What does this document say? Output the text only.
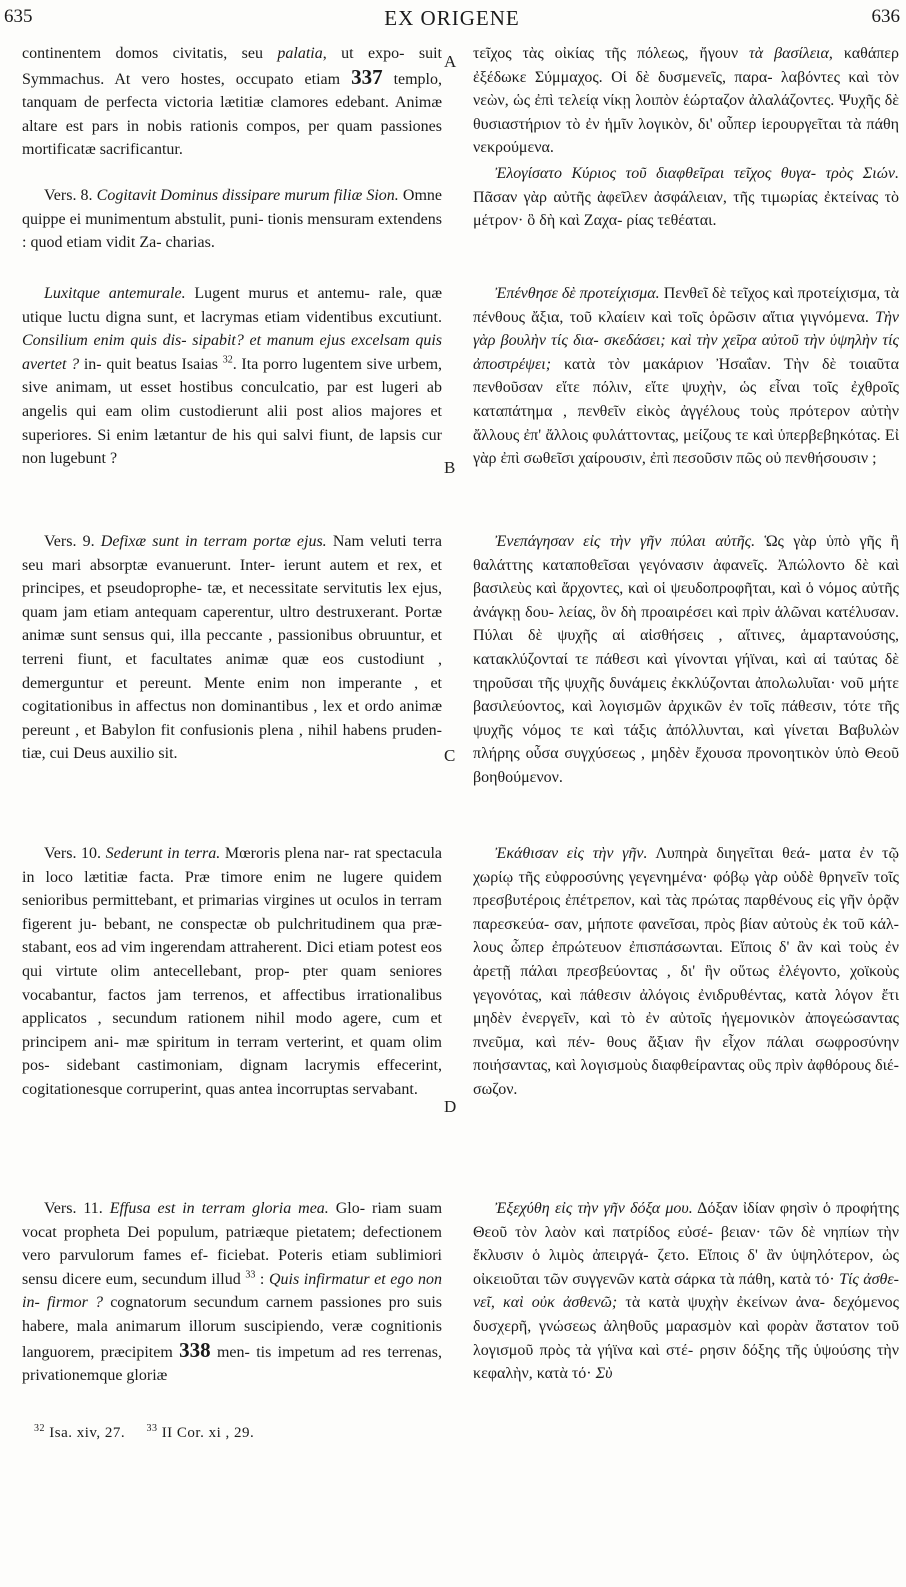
635	EX ORIGENE	636
A
B
C
D

continentem domos civitatis, seu palatia, ut expo- suit Symmachus. At vero hostes, occupato etiam 337 templo, tanquam de perfecta victoria lætitiæ clamores edebant. Animæ altare est pars in nobis rationis compos, per quam passiones mortificatæ sacrificantur.

Vers. 8. Cogitavit Dominus dissipare murum filiæ Sion. Omne quippe ei munimentum abstulit, puni- tionis mensuram extendens : quod etiam vidit Za- charias.

Luxitque antemurale. Lugent murus et antemu- rale, quæ utique luctu digna sunt, et lacrymas etiam videntibus excutiunt. Consilium enim quis dis- sipabit? et manum ejus excelsam quis avertet ? in- quit beatus Isaias $^{32}$. Ita porro lugentem sive urbem, sive animam, ut esset hostibus conculcatio, par est lugeri ab angelis qui eam olim custodierunt alii post alios majores et superiores. Si enim lætantur de his qui salvi fiunt, de lapsis cur non lugebunt ?

Vers. 9. Defixæ sunt in terram portæ ejus. Nam veluti terra seu mari absorptæ evanuerunt. Inter- ierunt autem et rex, et principes, et pseudoprophe- tæ, et necessitate servitutis lex ejus, quam jam etiam antequam caperentur, ultro destruxerant. Portæ animæ sunt sensus qui, illa peccante , passionibus obruuntur, et terreni fiunt, et facultates animæ quæ eos custodiunt , demerguntur et pereunt. Mente enim non imperante , et cogitationibus in affectus non dominantibus , lex et ordo animæ pereunt , et Babylon fit confusionis plena , nihil habens pruden- tiæ, cui Deus auxilio sit.

Vers. 10. Sederunt in terra. Mœroris plena nar- rat spectacula in loco lætitiæ facta. Præ timore enim ne lugere quidem senioribus permittebant, et primarias virgines ut oculos in terram figerent ju- bebant, ne conspectæ ob pulchritudinem qua præ- stabant, eos ad vim ingerendam attraherent. Dici etiam potest eos qui virtute olim antecellebant, prop- pter quam seniores vocabantur, factos jam terrenos, et affectibus irrationalibus applicatos , secundum rationem nihil modo agere, cum et principem ani- mæ spiritum in terram verterint, et quam olim pos- sidebant castimoniam, dignam lacrymis effecerint, cogitationesque corruperint, quas antea incorruptas servabant.

Vers. 11. Effusa est in terram gloria mea. Glo- riam suam vocat propheta Dei populum, patriæque pietatem; defectionem vero parvulorum fames ef- ficiebat. Poteris etiam sublimiori sensu dicere eum, secundum illud $^{33}$ : Quis infirmatur et ego non in- firmor ? cognatorum secundum carnem passiones pro suis habere, mala animarum illorum suscipiendo, veræ cognitionis languorem, præcipitem 338 men- tis impetum ad res terrenas, privationemque gloriæ

τεῖχος τὰς οἰκίας τῆς πόλεως, ἤγουν τὰ βασίλεια, καθάπερ ἐξέδωκε Σύμμαχος. Οἱ δὲ δυσμενεῖς, παρα- λαβόντες καὶ τὸν νεὼν, ὡς ἐπὶ τελείᾳ νίκῃ λοιπὸν ἑώρταζον ἀλαλάζοντες. Ψυχῆς δὲ θυσιαστήριον τὸ ἐν ἡμῖν λογικὸν, δι' οὗπερ ἱερουργεῖται τὰ πάθη νεκρούμενα.

Ἐλογίσατο Κύριος τοῦ διαφθεῖραι τεῖχος θυγα- τρὸς Σιών. Πᾶσαν γὰρ αὐτῆς ἀφεῖλεν ἀσφάλειαν, τῆς τιμωρίας ἐκτείνας τὸ μέτρον· ὃ δὴ καὶ Ζαχα- ρίας τεθέαται.

Ἐπένθησε δὲ προτείχισμα. Πενθεῖ δὲ τεῖχος καὶ προτείχισμα, τὰ πένθους ἄξια, τοῦ κλαίειν καὶ τοῖς ὁρῶσιν αἴτια γιγνόμενα. Τὴν γὰρ βουλὴν τίς δια- σκεδάσει; καὶ τὴν χεῖρα αὐτοῦ τὴν ὑψηλὴν τίς ἀποστρέψει; κατὰ τὸν μακάριον Ἠσαΐαν. Τὴν δὲ τοιαῦτα πενθοῦσαν εἴτε πόλιν, εἴτε ψυχὴν, ὡς εἶναι τοῖς ἐχθροῖς καταπάτημα , πενθεῖν εἰκὸς ἀγγέλους τοὺς πρότερον αὐτὴν ἄλλους ἐπ' ἄλλοις φυλάττοντας, μείζους τε καὶ ὑπερβεβηκότας. Εἰ γὰρ ἐπὶ σωθεῖσι χαίρουσιν, ἐπὶ πεσοῦσιν πῶς οὐ πενθήσουσιν ;

Ἐνεπάγησαν εἰς τὴν γῆν πύλαι αὐτῆς. Ὡς γὰρ ὑπὸ γῆς ἢ θαλάττης καταποθεῖσαι γεγόνασιν ἀφανεῖς. Ἀπώλοντο δὲ καὶ βασιλεὺς καὶ ἄρχοντες, καὶ οἱ ψευδοπροφῆται, καὶ ὁ νόμος αὐτῆς ἀνάγκῃ δου- λείας, ὃν δὴ προαιρέσει καὶ πρὶν ἁλῶναι κατέλυσαν. Πύλαι δὲ ψυχῆς αἱ αἰσθήσεις , αἵτινες, ἁμαρτανούσης, κατακλύζονταί τε πάθεσι καὶ γίνονται γήϊναι, καὶ αἱ ταύτας δὲ τηροῦσαι τῆς ψυχῆς δυνάμεις ἐκκλύζονται ἀπολωλυῖαι· νοῦ μήτε βασιλεύοντος, καὶ λογισμῶν ἀρχικῶν ἐν τοῖς πάθεσιν, τότε τῆς ψυχῆς νόμος τε καὶ τάξις ἀπόλλυνται, καὶ γίνεται Βαβυλὼν πλήρης οὖσα συγχύσεως , μηδὲν ἔχουσα προνοητικὸν ὑπὸ Θεοῦ βοηθούμενον.

Ἐκάθισαν εἰς τὴν γῆν. Λυπηρὰ διηγεῖται θεά- ματα ἐν τῷ χωρίῳ τῆς εὐφροσύνης γεγενημένα· φόβῳ γὰρ οὐδὲ θρηνεῖν τοῖς πρεσβυτέροις ἐπέτρεπον, καὶ τὰς πρώτας παρθένους εἰς γῆν ὁρᾷν παρεσκεύα- σαν, μήποτε φανεῖσαι, πρὸς βίαν αὐτοὺς ἐκ τοῦ κάλ- λους ὧπερ ἐπρώτευον ἐπισπάσωνται. Εἴποις δ' ἂν καὶ τοὺς ἐν ἀρετῇ πάλαι πρεσβεύοντας , δι' ἣν οὕτως ἐλέγοντο, χοϊκοὺς γεγονότας, καὶ πάθεσιν ἀλόγοις ἐνιδρυθέντας, κατὰ λόγον ἔτι μηδὲν ἐνεργεῖν, καὶ τὸ ἐν αὐτοῖς ἡγεμονικὸν ἀπογεώσαντας πνεῦμα, καὶ πέν- θους ἄξιαν ἣν εἶχον πάλαι σωφροσύνην ποιήσαντας, καὶ λογισμοὺς διαφθείραντας οὓς πρὶν ἀφθόρους διέ- σωζον.

Ἐξεχύθη εἰς τὴν γῆν δόξα μου. Δόξαν ἰδίαν φησὶν ὁ προφήτης Θεοῦ τὸν λαὸν καὶ πατρίδος εὐσέ- βειαν· τῶν δὲ νηπίων τὴν ἔκλυσιν ὁ λιμὸς ἀπειργά- ζετο. Εἴποις δ' ἂν ὑψηλότερον, ὡς οἰκειοῦται τῶν συγγενῶν κατὰ σάρκα τὰ πάθη, κατὰ τό· Τίς ἀσθε- νεῖ, καὶ οὐκ ἀσθενῶ; τὰ κατὰ ψυχὴν ἐκείνων ἀνα- δεχόμενος δυσχερῆ, γνώσεως ἀληθοῦς μαρασμὸν καὶ φορὰν ἄστατον τοῦ λογισμοῦ πρὸς τὰ γήϊνα καὶ στέ- ρησιν δόξης τῆς ὑψούσης τὴν κεφαλὴν, κατὰ τό· Σὺ

$^{32}$ Isa. xiv, 27. $^{33}$ II Cor. xi , 29.
